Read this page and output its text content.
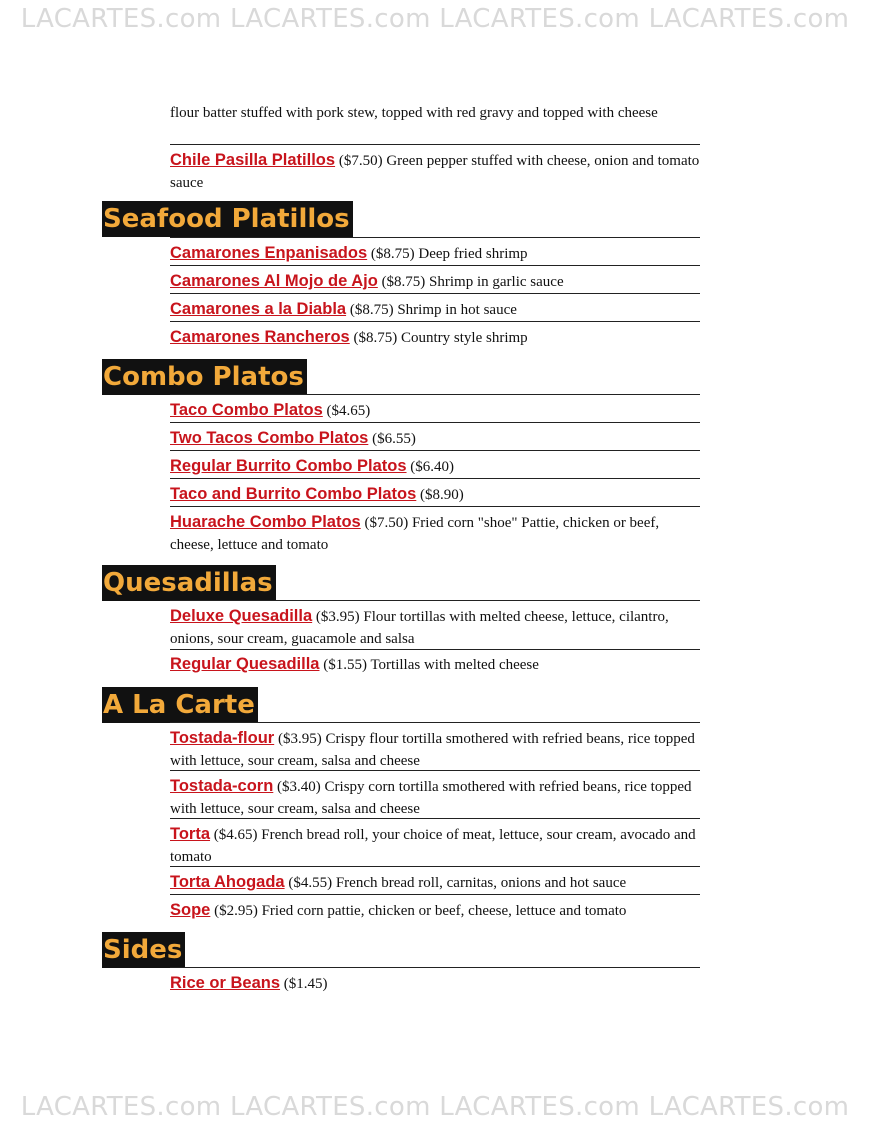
LACARTES.com LACARTES.com LACARTES.com LACARTES.com
flour batter stuffed with pork stew, topped with red gravy and topped with cheese
Chile Pasilla Platillos ($7.50) Green pepper stuffed with cheese, onion and tomato sauce
Seafood Platillos
Camarones Enpanisados ($8.75) Deep fried shrimp
Camarones Al Mojo de Ajo ($8.75) Shrimp in garlic sauce
Camarones a la Diabla ($8.75) Shrimp in hot sauce
Camarones Rancheros ($8.75) Country style shrimp
Combo Platos
Taco Combo Platos ($4.65)
Two Tacos Combo Platos ($6.55)
Regular Burrito Combo Platos ($6.40)
Taco and Burrito Combo Platos ($8.90)
Huarache Combo Platos ($7.50) Fried corn "shoe" Pattie, chicken or beef, cheese, lettuce and tomato
Quesadillas
Deluxe Quesadilla ($3.95) Flour tortillas with melted cheese, lettuce, cilantro, onions, sour cream, guacamole and salsa
Regular Quesadilla ($1.55) Tortillas with melted cheese
A La Carte
Tostada-flour ($3.95) Crispy flour tortilla smothered with refried beans, rice topped with lettuce, sour cream, salsa and cheese
Tostada-corn ($3.40) Crispy corn tortilla smothered with refried beans, rice topped with lettuce, sour cream, salsa and cheese
Torta ($4.65) French bread roll, your choice of meat, lettuce, sour cream, avocado and tomato
Torta Ahogada ($4.55) French bread roll, carnitas, onions and hot sauce
Sope ($2.95) Fried corn pattie, chicken or beef, cheese, lettuce and tomato
Sides
Rice or Beans ($1.45)
LACARTES.com LACARTES.com LACARTES.com LACARTES.com
